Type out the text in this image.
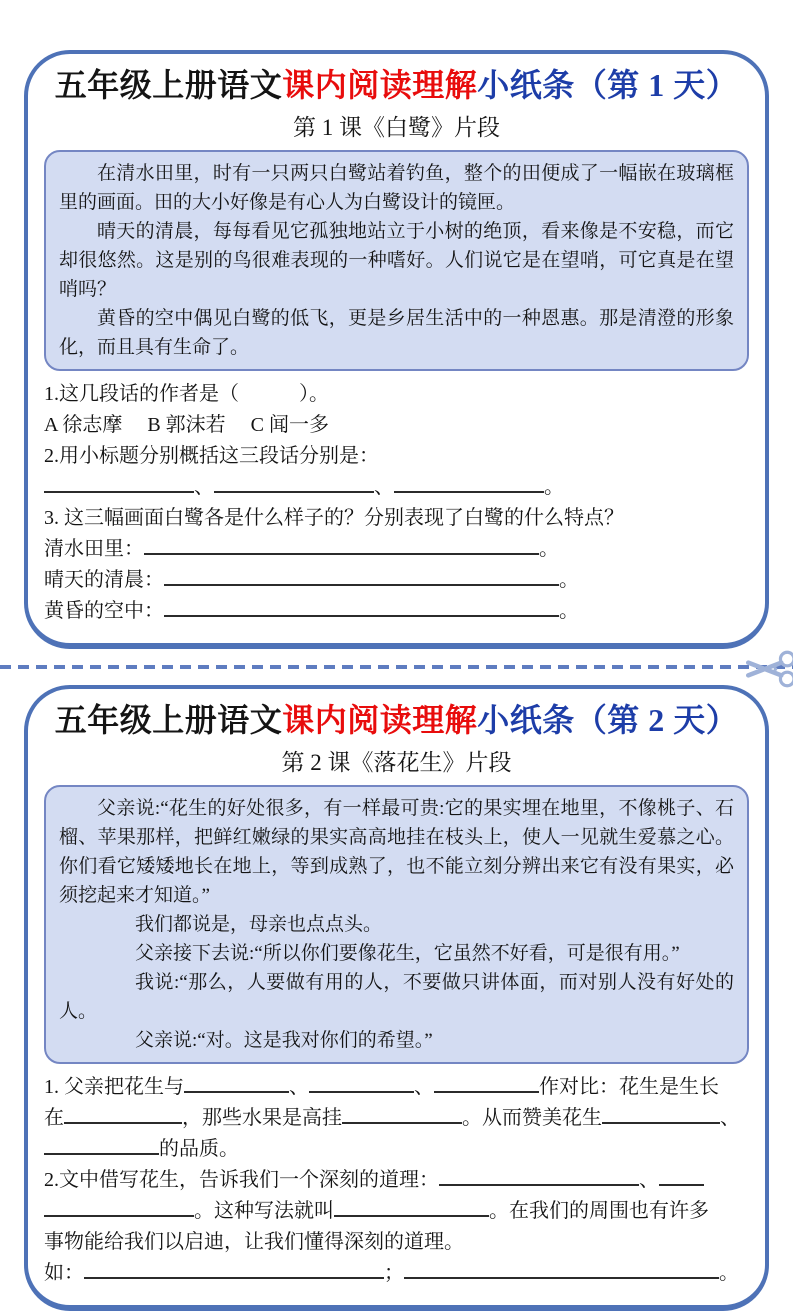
五年级上册语文课内阅读理解小纸条（第 1 天）
第 1 课《白鹭》片段

在清水田里，时有一只两只白鹭站着钓鱼，整个的田便成了一幅嵌在玻璃框里的画面。田的大小好像是有心人为白鹭设计的镜匣。

晴天的清晨，每每看见它孤独地站立于小树的绝顶，看来像是不安稳，而它却很悠然。这是别的鸟很难表现的一种嗜好。人们说它是在望哨，可它真是在望哨吗？

黄昏的空中偶见白鹭的低飞，更是乡居生活中的一种恩惠。那是清澄的形象化，而且具有生命了。

1.这几段话的作者是（　　　）。
A 徐志摩　 B 郭沫若　 C 闻一多
2.用小标题分别概括这三段话分别是：
、	、	。
3. 这三幅画面白鹭各是什么样子的？分别表现了白鹭的什么特点？
清水田里：	。
晴天的清晨：	。
黄昏的空中：	。
五年级上册语文课内阅读理解小纸条（第 2 天）
第 2 课《落花生》片段

父亲说:“花生的好处很多，有一样最可贵:它的果实埋在地里，不像桃子、石榴、苹果那样，把鲜红嫩绿的果实高高地挂在枝头上，使人一见就生爱慕之心。你们看它矮矮地长在地上，等到成熟了，也不能立刻分辨出来它有没有果实，必须挖起来才知道。”

我们都说是，母亲也点点头。

父亲接下去说:“所以你们要像花生，它虽然不好看，可是很有用。”

我说:“那么，人要做有用的人，不要做只讲体面，而对别人没有好处的人。

父亲说:“对。这是我对你们的希望。”

1. 父亲把花生与	、	、	作对比：花生是生长
在	，那些水果是高挂	。从而赞美花生	、
的品质。
2.文中借写花生，告诉我们一个深刻的道理：	、
。这种写法就叫	。在我们的周围也有许多
事物能给我们以启迪，让我们懂得深刻的道理。
如：	；	。
